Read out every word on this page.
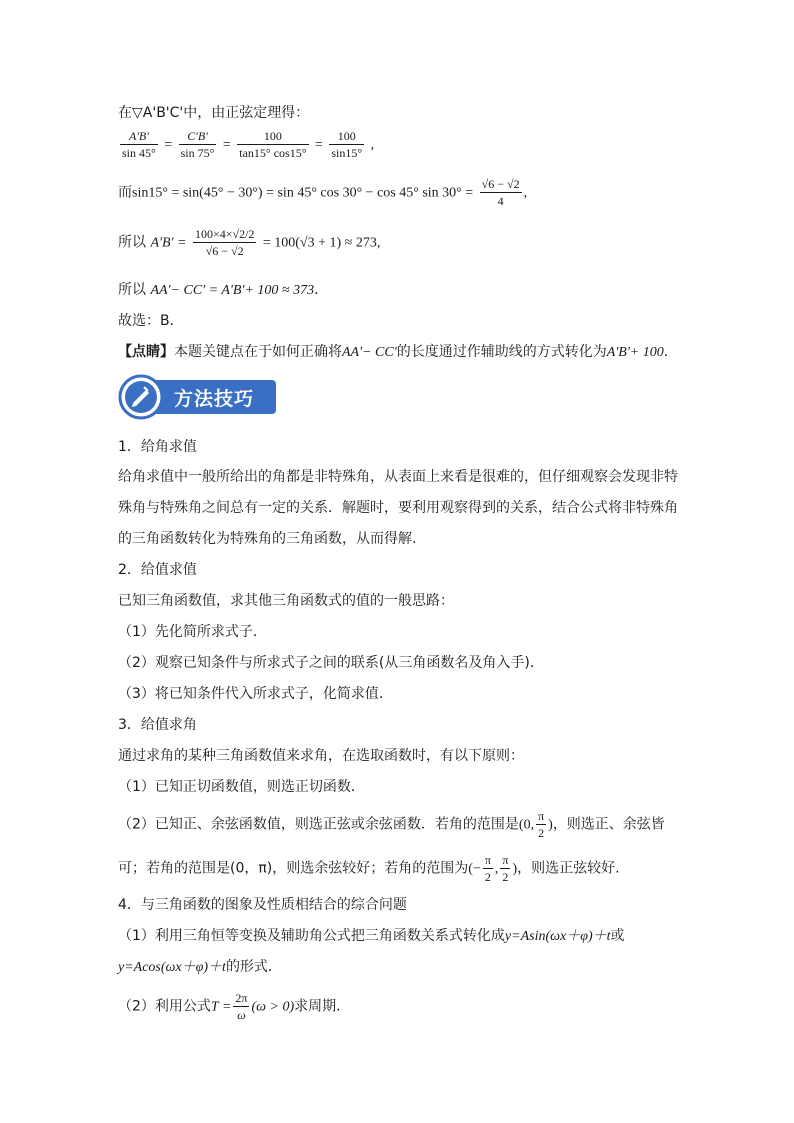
在▽A'B'C'中，由正弦定理得：
$\frac{A'B'}{\sin 45^\circ} = \frac{C'B'}{\sin 75^\circ} = \frac{100}{\tan 15^\circ \cos 15^\circ} = \frac{100}{\sin 15^\circ}$ ,
而sin15° = sin(45° − 30°) = sin 45° cos 30° − cos 45° $\sin 30^\circ = \frac{√6 - √2}{4}$ ,
所以 $A'B' = \frac{100\times 4\times√2/2}{√6 - √2} = 100(√3 + 1) \approx 273$,
所以 AA'− CC' = A'B'+ 100 ≈ 373．
故选：B．
【点睛】本题关键点在于如何正确将AA'− CC'的长度通过作辅助线的方式转化为A'B'+ 100．
方法技巧
1．给角求值
给角求值中一般所给出的角都是非特殊角，从表面上来看是很难的，但仔细观察会发现非特
殊角与特殊角之间总有一定的关系．解题时，要利用观察得到的关系，结合公式将非特殊角
的三角函数转化为特殊角的三角函数，从而得解.
2．给值求值
已知三角函数值，求其他三角函数式的值的一般思路：
（1）先化简所求式子．
（2）观察已知条件与所求式子之间的联系(从三角函数名及角入手)．
（3）将已知条件代入所求式子，化简求值．
3．给值求角
通过求角的某种三角函数值来求角，在选取函数时，有以下原则：
（1）已知正切函数值，则选正切函数．
（2）已知正、余弦函数值，则选正弦或余弦函数．若角的范围是(0, $\frac{\pi}{2}$ )，则选正、余弦皆
可；若角的范围是(0，π)，则选余弦较好；若角的范围为(− $\frac{\pi}{2}$ , $\frac{\pi}{2}$ )，则选正弦较好.
4．与三角函数的图象及性质相结合的综合问题
（1）利用三角恒等变换及辅助角公式把三角函数关系式转化成y=Asin(ωx＋φ)＋t或
y=Acos(ωx＋φ)＋t的形式．
（2）利用公式$T = \frac{2\pi}{\omega} (\omega > 0)$求周期．
